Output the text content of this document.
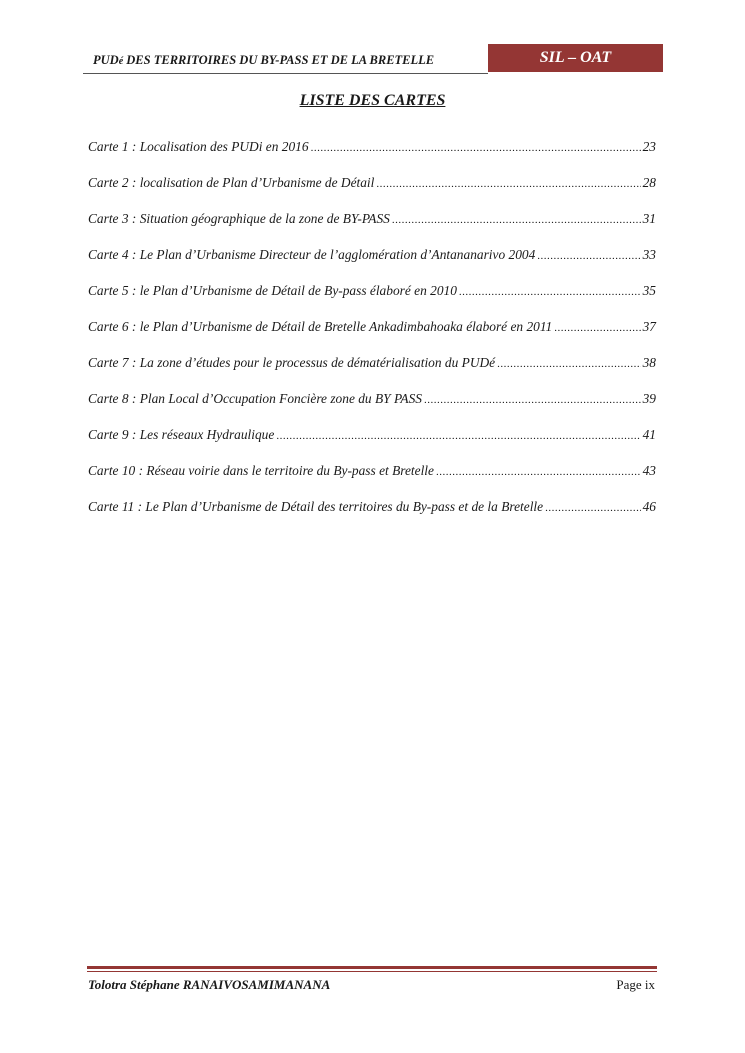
PUDé DES TERRITOIRES DU BY-PASS ET DE LA BRETELLE	SIL – OAT
LISTE DES CARTES
Carte 1 : Localisation des PUDi en 2016 .....	23
Carte 2 : localisation de Plan d’Urbanisme de Détail .....	28
Carte 3 : Situation géographique de la zone de BY-PASS .....	31
Carte 4 : Le Plan d’Urbanisme Directeur de l’agglomération d’Antananarivo 2004 .....	33
Carte 5 : le Plan d’Urbanisme de Détail de By-pass élaboré en 2010 .....	35
Carte 6 : le Plan d’Urbanisme de Détail de Bretelle Ankadimbahoaka élaboré en 2011 .....	37
Carte 7 : La zone d’études pour le processus de dématérialisation du PUDé .....	38
Carte 8 : Plan Local d’Occupation Foncière zone du BY PASS .....	39
Carte 9 : Les réseaux Hydraulique .....	41
Carte 10 : Réseau voirie dans le territoire du By-pass et Bretelle .....	43
Carte 11 : Le Plan d’Urbanisme de Détail des territoires du By-pass et de la Bretelle .....	46
Tolotra Stéphane RANAIVOSAMIMANANA	Page ix
